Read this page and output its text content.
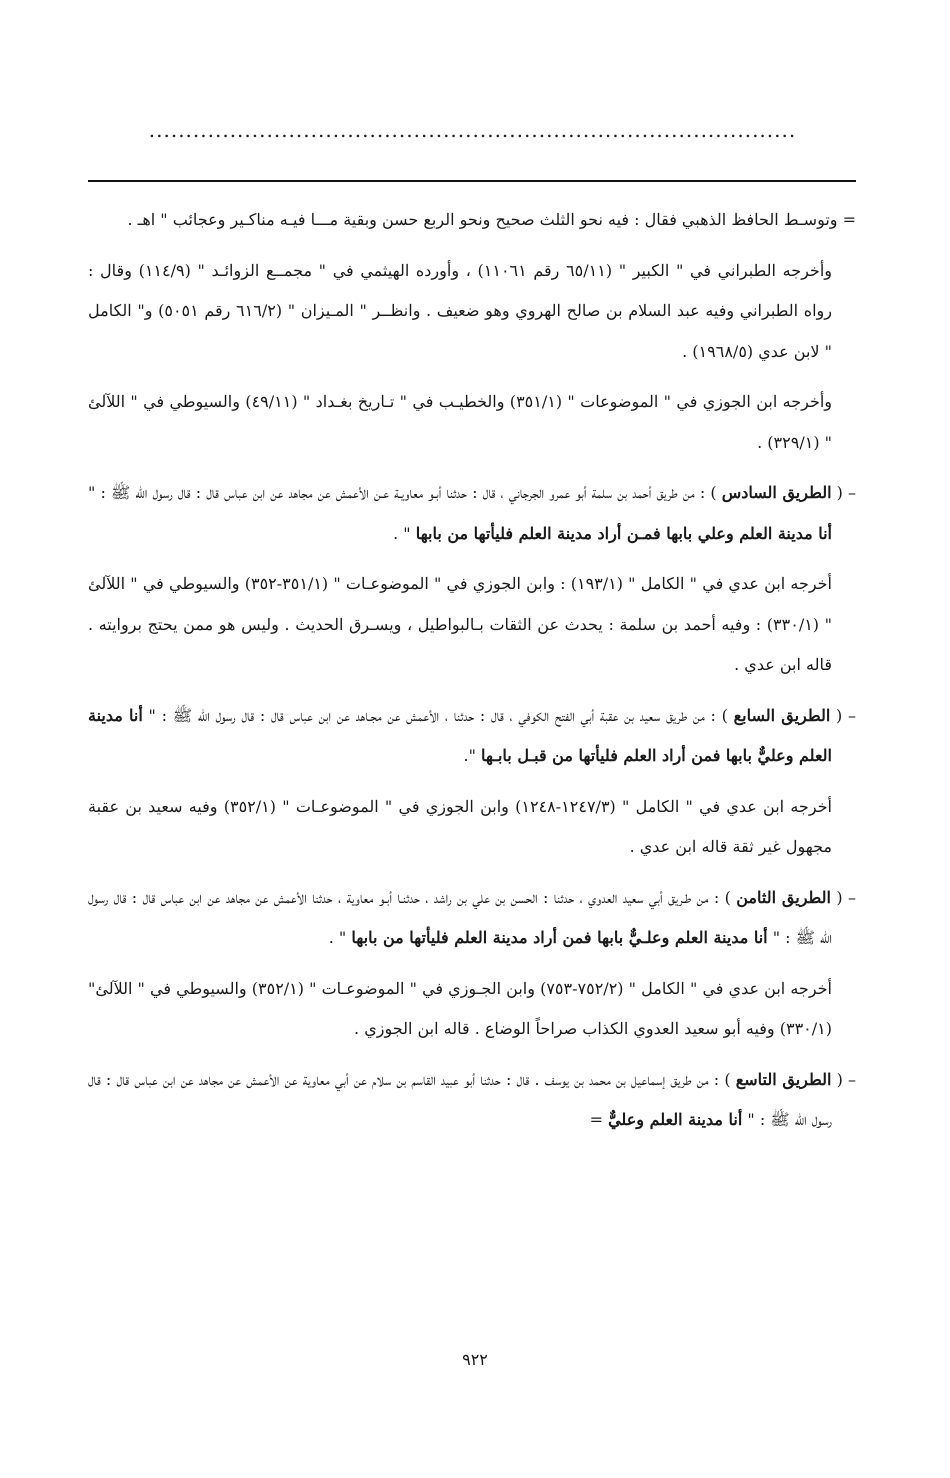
........................................................................................
= وتوسـط الحافظ الذهبي فقال : فيه نحو الثلث صحيح ونحو الربع حسن وبقية مـــا فيـه مناكـير وعجائب " اهـ .
وأخرجه الطبراني في " الكبير " (٦٥/١١ رقم ١١٠٦١) ، وأورده الهيثمي في " مجمــع الزوائـد " (١١٤/٩) وقال : رواه الطبراني وفيه عبد السلام بن صالح الهروي وهو ضعيف . وانظــر " المـيزان " (٦١٦/٢ رقم ٥٠٥١) و" الكامل " لابن عدي (١٩٦٨/٥) .
وأخرجه ابن الجوزي في " الموضوعات " (٣٥١/١) والخطيـب في " تـاريخ بغـداد " (٤٩/١١) والسيوطي في " اللآلئ " (٣٢٩/١) .
– ( الطريق السادس ) : من طريق أحمد بن سلمة أبو عمرو الجرجاني ، قال : حدثنا أبـو معاويـة عـن الأعمش عن مجاهد عن ابن عباس قال : قال رسول الله ﷺ : " أنا مدينة العلم وعلي بابها فمـن أراد مدينة العلم فليأتها من بابها " .
أخرجه ابن عدي في " الكامل " (١٩٣/١) : وابن الجوزي في " الموضوعـات " (٣٥١/١-٣٥٢) والسيوطي في " اللآلئ " (٣٣٠/١) : وفيه أحمد بن سلمة : يحدث عن الثقات بـالبواطيل ، ويسـرق الحديث . وليس هو ممن يحتج بروايته . قاله ابن عدي .
– ( الطريق السابع ) : من طريق سعيد بن عقبة أبي الفتح الكوفي ، قال : حدثنا ، الأعمش عن مجـاهد عن ابن عباس قال : قال رسول الله ﷺ : " أنا مدينة العلم وعليٌّ بابها فمن أراد العلم فليأتها من قبـل بابـها ".
أخرجه ابن عدي في " الكامل " (١٢٤٧/٣-١٢٤٨) وابن الجوزي في " الموضوعـات " (٣٥٢/١) وفيه سعيد بن عقبة مجهول غير ثقة قاله ابن عدي .
– ( الطريق الثامن ) : من طـريق أبي سعيد العدوي ، حدثنا : الحسن بن علي بن راشد ، حدثنـا أبـو معاوية ، حدثنا الأعمش عن مجاهد عن ابن عباس قال : قال رسول الله ﷺ : " أنا مدينة العلم وعلـيٌّ بابها فمن أراد مدينة العلم فليأتها من بابها " .
أخرجه ابن عدي في " الكامل " (٧٥٢/٢-٧٥٣) وابن الجـوزي في " الموضوعـات " (٣٥٢/١) والسيوطي في " اللآلئ" (٣٣٠/١) وفيه أبو سعيد العدوي الكذاب صراحاً الوضاع . قاله ابن الجوزي .
– ( الطريق التاسع ) : من طريق إسماعيل بن محمد بن يوسف . قال : حدثنا أبو عبيد القاسم بن سلام عن أبي معاوية عن الأعمش عن مجاهد عن ابن عباس قال : قال رسول الله ﷺ : " أنا مدينة العلم وعليٌّ =
٩٢٢
